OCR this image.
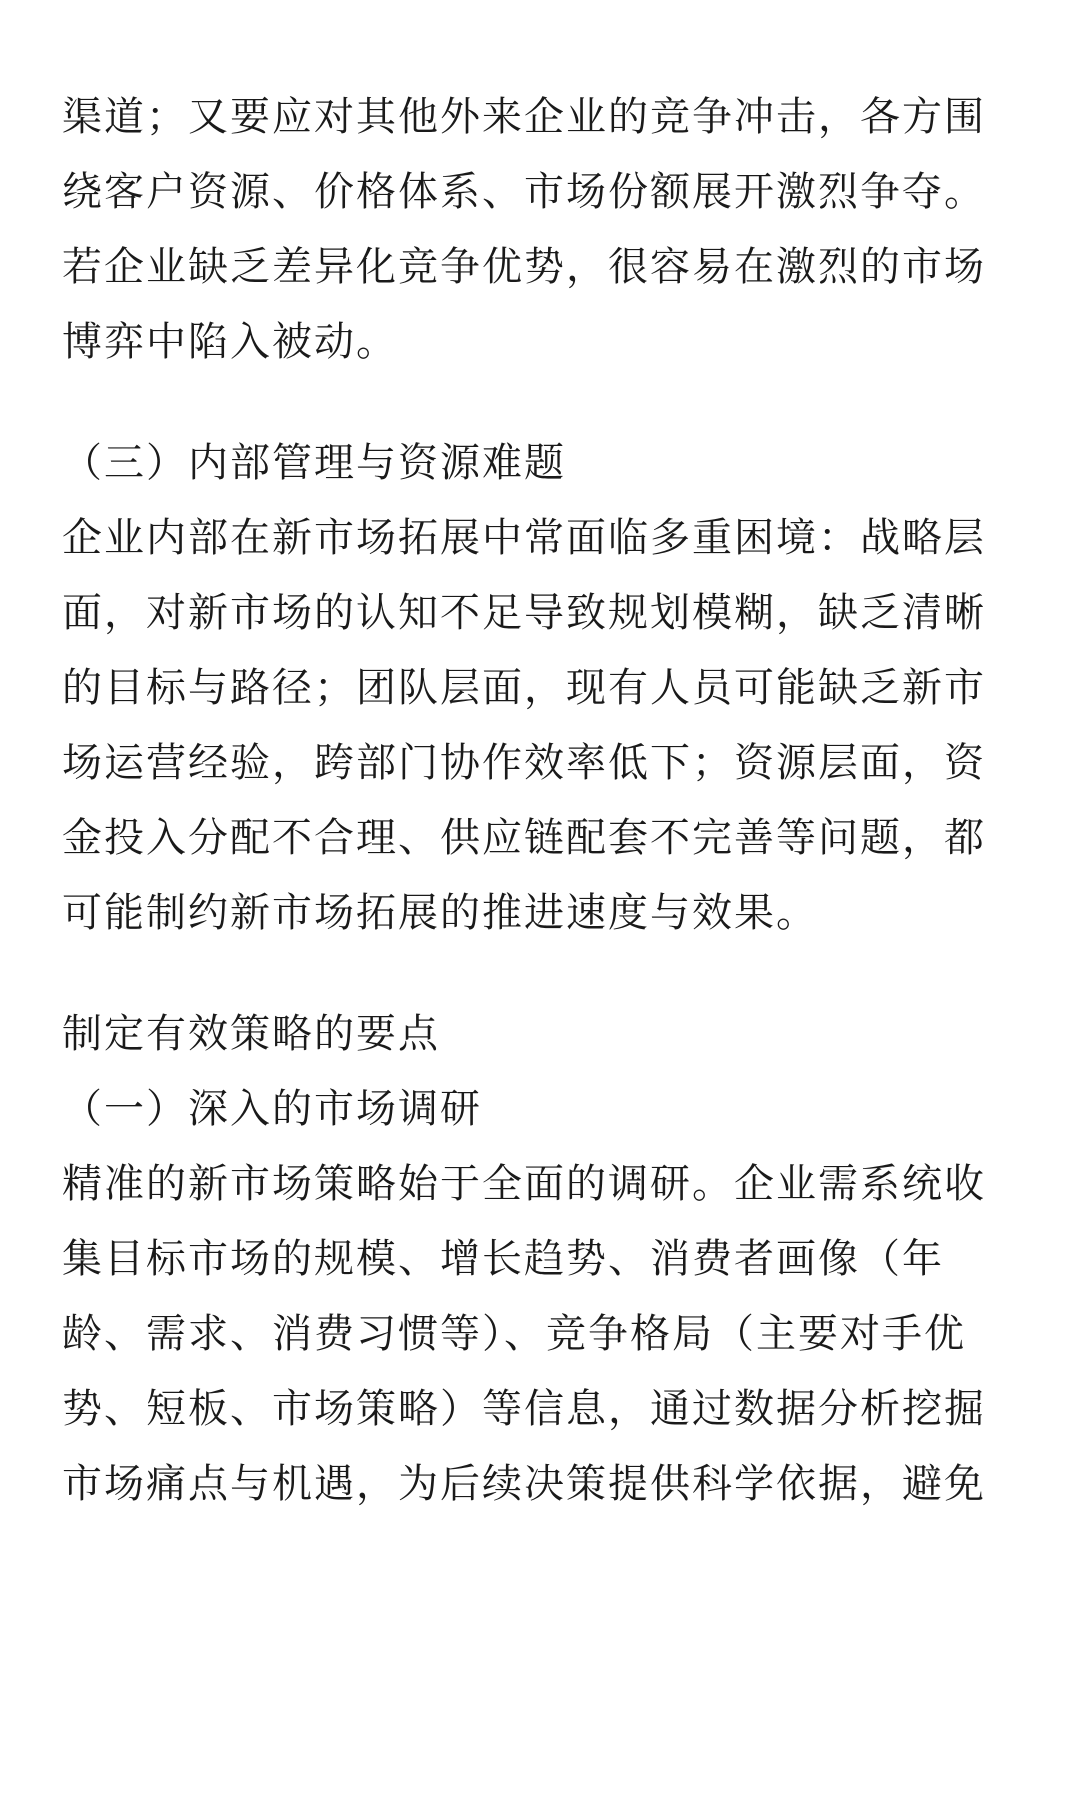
渠道；又要应对其他外来企业的竞争冲击，各方围
绕客户资源、价格体系、市场份额展开激烈争夺。
若企业缺乏差异化竞争优势，很容易在激烈的市场
博弈中陷入被动。

（三）内部管理与资源难题

企业内部在新市场拓展中常面临多重困境：战略层
面，对新市场的认知不足导致规划模糊，缺乏清晰
的目标与路径；团队层面，现有人员可能缺乏新市
场运营经验，跨部门协作效率低下；资源层面，资
金投入分配不合理、供应链配套不完善等问题，都
可能制约新市场拓展的推进速度与效果。

制定有效策略的要点
（一）深入的市场调研

精准的新市场策略始于全面的调研。企业需系统收
集目标市场的规模、增长趋势、消费者画像（年
龄、需求、消费习惯等）、竞争格局（主要对手优
势、短板、市场策略）等信息，通过数据分析挖掘
市场痛点与机遇，为后续决策提供科学依据，避免
